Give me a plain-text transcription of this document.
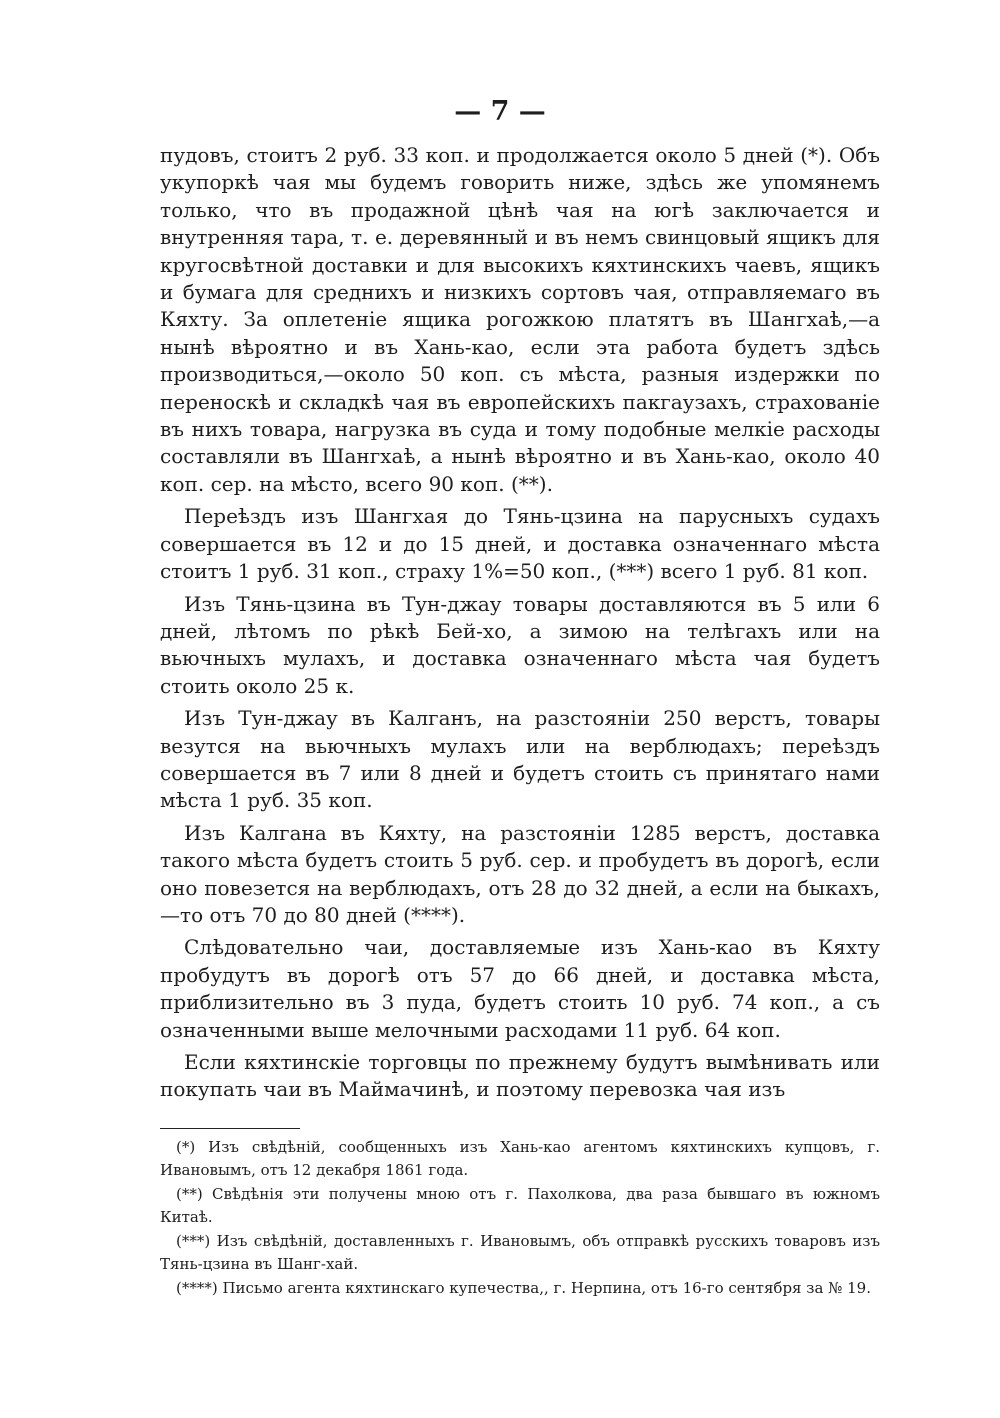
— 7 —

пудовъ, стоитъ 2 руб. 33 коп. и продолжается около 5 дней (*). Объ укупоркѣ чая мы будемъ говорить ниже, здѣсь же упомянемъ только, что въ продажной цѣнѣ чая на югѣ заключается и внутренняя тара, т. е. деревянный и въ немъ свинцовый ящикъ для кругосвѣтной доставки и для высокихъ кяхтинскихъ чаевъ, ящикъ и бумага для среднихъ и низкихъ сортовъ чая, отправляемаго въ Кяхту. За оплетеніе ящика рогожкою платятъ въ Шангхаѣ,—а нынѣ вѣроятно и въ Хань-као, если эта работа будетъ здѣсь производиться,—около 50 коп. съ мѣста, разныя издержки по переноскѣ и складкѣ чая въ европейскихъ пакгаузахъ, страхованіе въ нихъ товара, нагрузка въ суда и тому подобные мелкіе расходы составляли въ Шангхаѣ, а нынѣ вѣроятно и въ Хань-као, около 40 коп. сер. на мѣсто, всего 90 коп. (**).

Переѣздъ изъ Шангхая до Тянь-цзина на парусныхъ судахъ совершается въ 12 и до 15 дней, и доставка означеннаго мѣста стоитъ 1 руб. 31 коп., страху 1%=50 коп., (***) всего 1 руб. 81 коп.

Изъ Тянь-цзина въ Тун-джау товары доставляются въ 5 или 6 дней, лѣтомъ по рѣкѣ Бей-хо, а зимою на телѣгахъ или на вьючныхъ мулахъ, и доставка означеннаго мѣста чая будетъ стоить около 25 к.

Изъ Тун-джау въ Калганъ, на разстояніи 250 верстъ, товары везутся на вьючныхъ мулахъ или на верблюдахъ; переѣздъ совершается въ 7 или 8 дней и будетъ стоить съ принятаго нами мѣста 1 руб. 35 коп.

Изъ Калгана въ Кяхту, на разстояніи 1285 верстъ, доставка такого мѣста будетъ стоить 5 руб. сер. и пробудетъ въ дорогѣ, если оно повезется на верблюдахъ, отъ 28 до 32 дней, а если на быкахъ,—то отъ 70 до 80 дней (****).

Слѣдовательно чаи, доставляемые изъ Хань-као въ Кяхту пробудутъ въ дорогѣ отъ 57 до 66 дней, и доставка мѣста, приблизительно въ 3 пуда, будетъ стоить 10 руб. 74 коп., а съ означенными выше мелочными расходами 11 руб. 64 коп.

Если кяхтинскіе торговцы по прежнему будутъ вымѣнивать или покупать чаи въ Маймачинѣ, и поэтому перевозка чая изъ

(*) Изъ свѣдѣній, сообщенныхъ изъ Хань-као агентомъ кяхтинскихъ купцовъ, г. Ивановымъ, отъ 12 декабря 1861 года.

(**) Свѣдѣнія эти получены мною отъ г. Пахолкова, два раза бывшаго въ южномъ Китаѣ.

(***) Изъ свѣдѣній, доставленныхъ г. Ивановымъ, объ отправкѣ русскихъ товаровъ изъ Тянь-цзина въ Шанг-хай.

(****) Письмо агента кяхтинскаго купечества,, г. Нерпина, отъ 16-го сентября за № 19.
